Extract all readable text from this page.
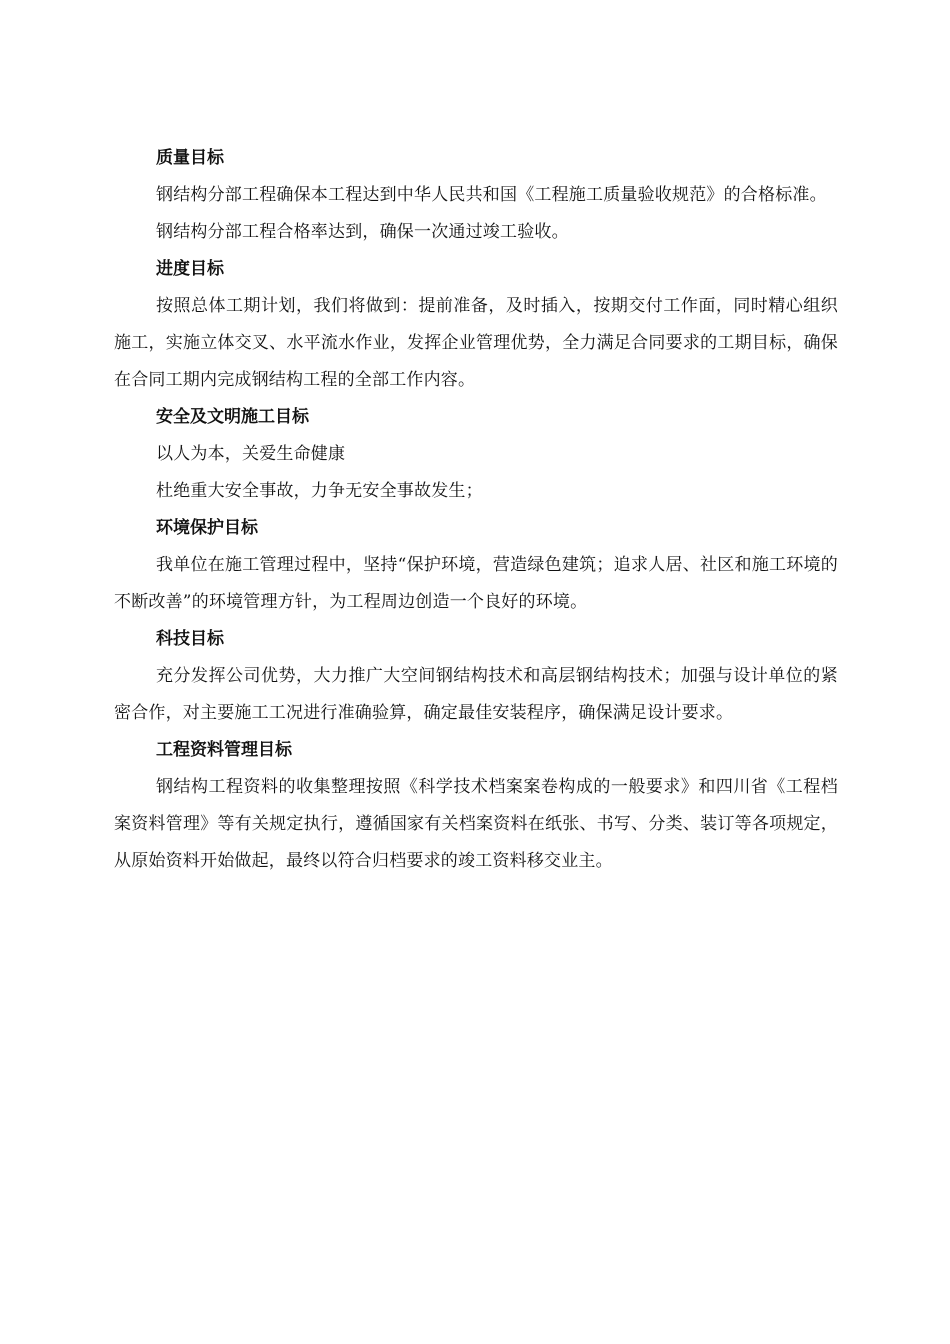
质量目标

钢结构分部工程确保本工程达到中华人民共和国《工程施工质量验收规范》的合格标准。

钢结构分部工程合格率达到，确保一次通过竣工验收。

进度目标

按照总体工期计划，我们将做到：提前准备，及时插入，按期交付工作面，同时精心组织施工，实施立体交叉、水平流水作业，发挥企业管理优势，全力满足合同要求的工期目标，确保在合同工期内完成钢结构工程的全部工作内容。

安全及文明施工目标

以人为本，关爱生命健康

杜绝重大安全事故，力争无安全事故发生；

环境保护目标

我单位在施工管理过程中，坚持“保护环境，营造绿色建筑；追求人居、社区和施工环境的不断改善”的环境管理方针，为工程周边创造一个良好的环境。

科技目标

充分发挥公司优势，大力推广大空间钢结构技术和高层钢结构技术；加强与设计单位的紧密合作，对主要施工工况进行准确验算，确定最佳安装程序，确保满足设计要求。

工程资料管理目标

钢结构工程资料的收集整理按照《科学技术档案案卷构成的一般要求》和四川省《工程档案资料管理》等有关规定执行，遵循国家有关档案资料在纸张、书写、分类、装订等各项规定，从原始资料开始做起，最终以符合归档要求的竣工资料移交业主。
